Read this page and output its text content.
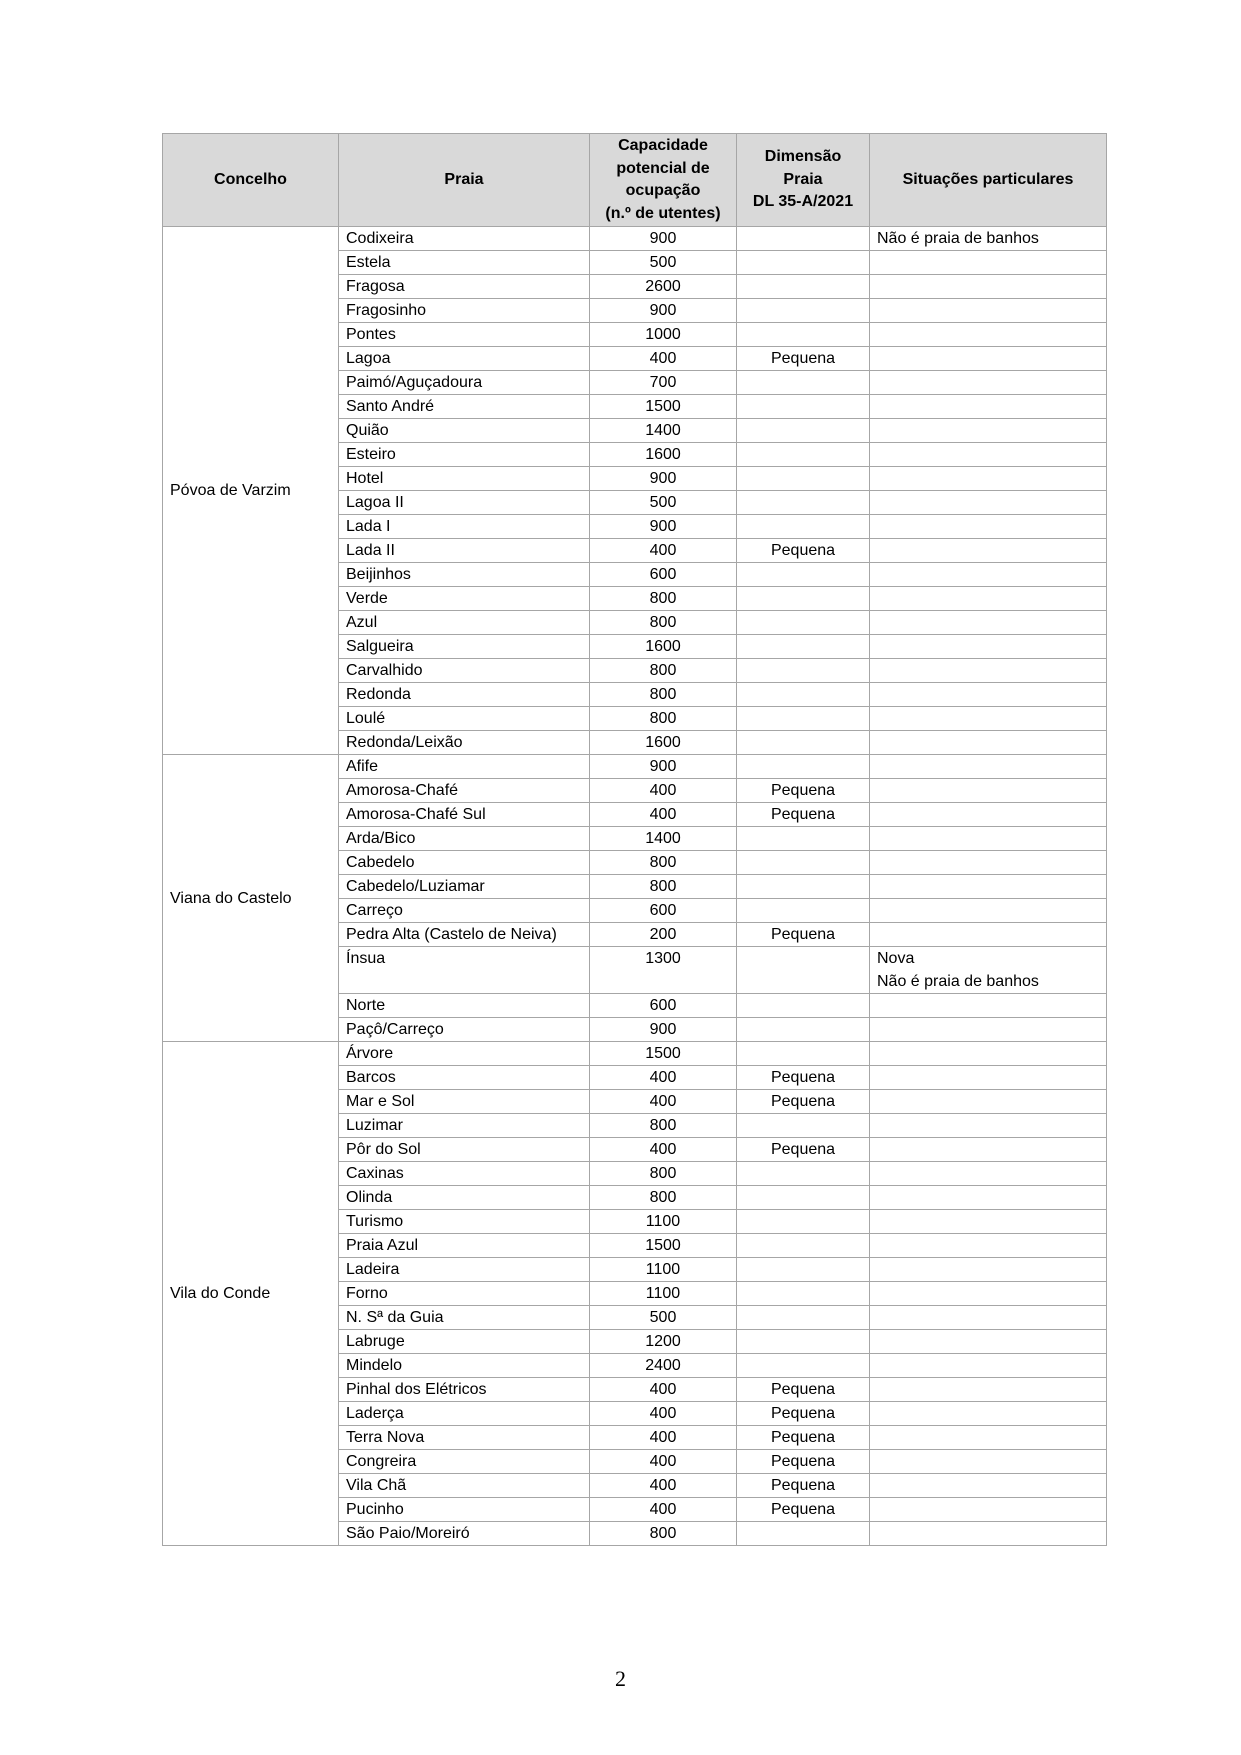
Concelho	Praia	Capacidade
potencial de
ocupação
(n.º de utentes)	Dimensão
Praia
DL 35-A/2021	Situações particulares
Póvoa de Varzim	Codixeira	900		Não é praia de banhos
	Estela	500		
	Fragosa	2600		
	Fragosinho	900		
	Pontes	1000		
	Lagoa	400	Pequena	
	Paimó/Aguçadoura	700		
	Santo André	1500		
	Quião	1400		
	Esteiro	1600		
	Hotel	900		
	Lagoa II	500		
	Lada I	900		
	Lada II	400	Pequena	
	Beijinhos	600		
	Verde	800		
	Azul	800		
	Salgueira	1600		
	Carvalhido	800		
	Redonda	800		
	Loulé	800		
	Redonda/Leixão	1600		
Viana do Castelo	Afife	900		
	Amorosa-Chafé	400	Pequena	
	Amorosa-Chafé Sul	400	Pequena	
	Arda/Bico	1400		
	Cabedelo	800		
	Cabedelo/Luziamar	800		
	Carreço	600		
	Pedra Alta (Castelo de Neiva)	200	Pequena	
	Ínsua	1300		Nova
Não é praia de banhos
	Norte	600		
	Paçô/Carreço	900		
Vila do Conde	Árvore	1500		
	Barcos	400	Pequena	
	Mar e Sol	400	Pequena	
	Luzimar	800		
	Pôr do Sol	400	Pequena	
	Caxinas	800		
	Olinda	800		
	Turismo	1100		
	Praia Azul	1500		
	Ladeira	1100		
	Forno	1100		
	N. Sª da Guia	500		
	Labruge	1200		
	Mindelo	2400		
	Pinhal dos Elétricos	400	Pequena	
	Laderça	400	Pequena	
	Terra Nova	400	Pequena	
	Congreira	400	Pequena	
	Vila Chã	400	Pequena	
	Pucinho	400	Pequena	
	São Paio/Moreiró	800		
2
